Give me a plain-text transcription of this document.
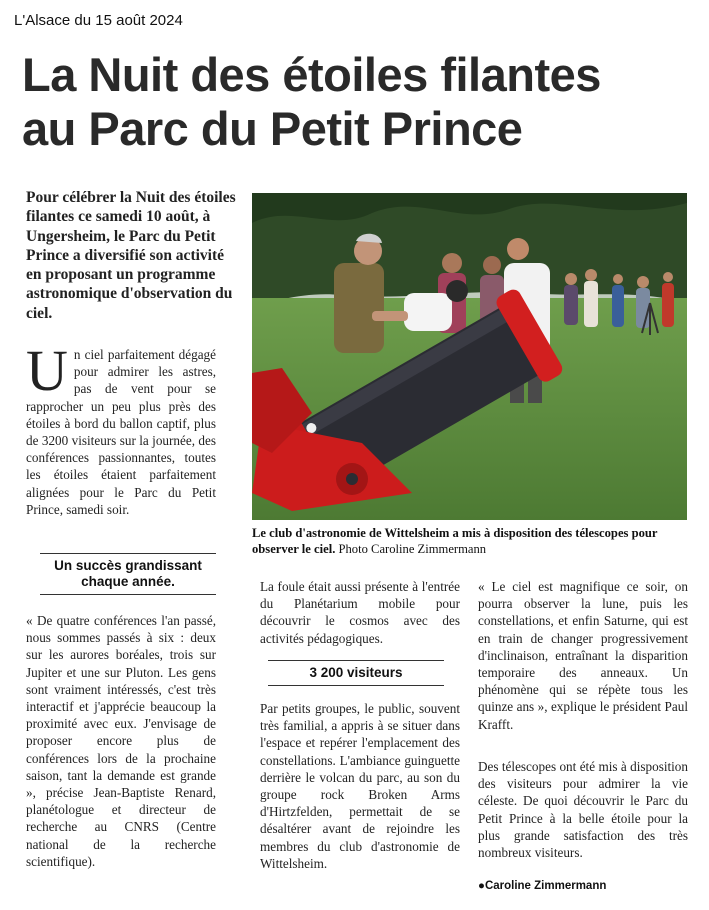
L'Alsace du 15 août 2024
La Nuit des étoiles filantes
au Parc du Petit Prince
Pour célébrer la Nuit des étoiles filantes ce samedi 10 août, à Ungersheim, le Parc du Petit Prince a diversifié son activité en proposant un programme astronomique d'observation du ciel.
Un ciel parfaitement dégagé pour admirer les astres, pas de vent pour se rapprocher un peu plus près des étoiles à bord du ballon captif, plus de 3200 visiteurs sur la journée, des conférences passionnantes, toutes les étoiles étaient parfaitement alignées pour le Parc du Petit Prince, samedi soir.
Un succès grandissant chaque année.
« De quatre conférences l'an passé, nous sommes passés à six : deux sur les aurores boréales, trois sur Jupiter et une sur Pluton. Les gens sont vraiment intéressés, c'est très interactif et j'apprécie beaucoup la proximité avec eux. J'envisage de proposer encore plus de conférences lors de la prochaine saison, tant la demande est grande », précise Jean-Baptiste Renard, planétologue et directeur de recherche au CNRS (Centre national de la recherche scientifique).
Le club d'astronomie de Wittelsheim a mis à disposition des télescopes pour observer le ciel. Photo Caroline Zimmermann
La foule était aussi présente à l'entrée du Planétarium mobile pour découvrir le cosmos avec des activités pédagogiques.
3 200 visiteurs
Par petits groupes, le public, souvent très familial, a appris à se situer dans l'espace et repérer l'emplacement des constellations. L'ambiance guinguette derrière le volcan du parc, au son du groupe rock Broken Arms d'Hirtzfelden, permettait de se désaltérer avant de rejoindre les membres du club d'astronomie de Wittelsheim.
« Le ciel est magnifique ce soir, on pourra observer la lune, puis les constellations, et enfin Saturne, qui est en train de changer progressivement d'inclinaison, entraînant la disparition temporaire des anneaux. Un phénomène qui se répète tous les quinze ans », explique le président Paul Krafft.
Des télescopes ont été mis à disposition des visiteurs pour admirer la vie céleste. De quoi découvrir le Parc du Petit Prince à la belle étoile pour la plus grande satisfaction des très nombreux visiteurs.
●Caroline Zimmermann
